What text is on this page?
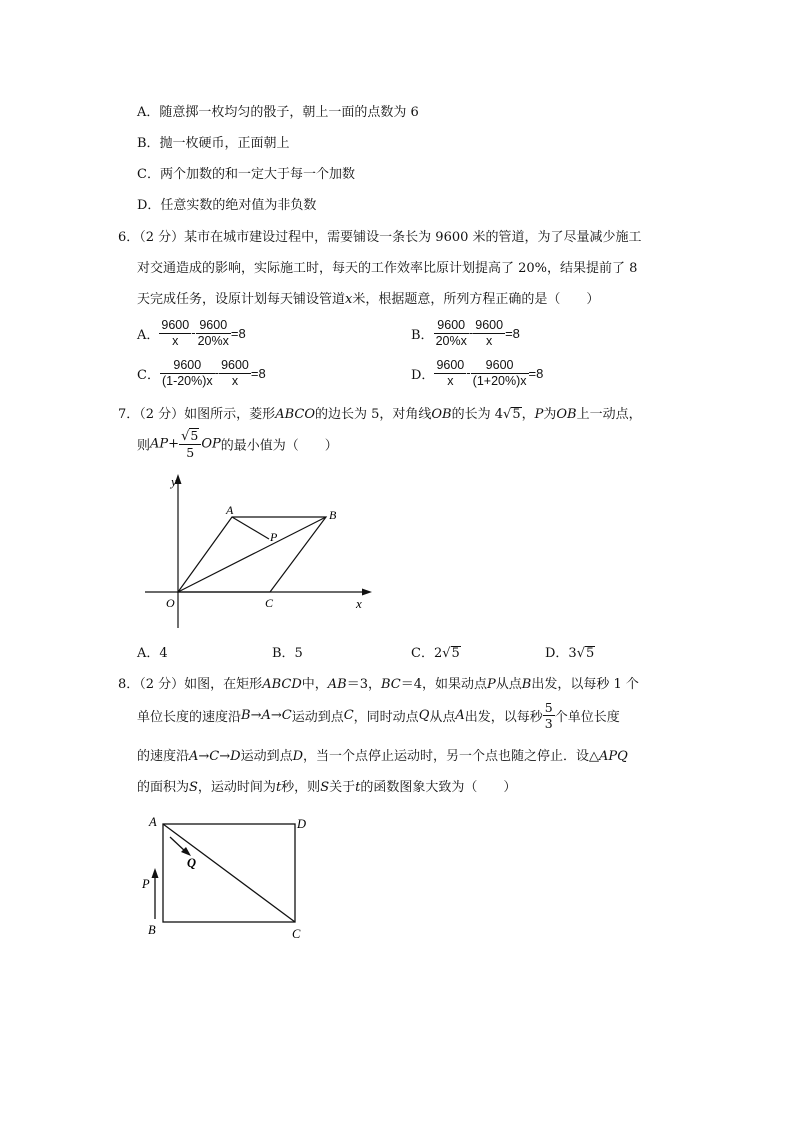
A．随意掷一枚均匀的骰子，朝上一面的点数为 6
B．抛一枚硬币，正面朝上
C．两个加数的和一定大于每一个加数
D．任意实数的绝对值为非负数
6．（2 分）某市在城市建设过程中，需要铺设一条长为 9600 米的管道，为了尽量减少施工
对交通造成的影响，实际施工时，每天的工作效率比原计划提高了 20%，结果提前了 8
天完成任务，设原计划每天铺设管道x米，根据题意，所列方程正确的是（　　）
A． $\frac{9600}{x} - \frac{9600}{20\%x} =8$	B． $\frac{9600}{20\%x} - \frac{9600}{x} =8$
C． $\frac{9600}{(1-20\%)x} - \frac{9600}{x} =8$	D． $\frac{9600}{x} - \frac{9600}{(1+20\%)x} =8$
7．（2 分）如图所示，菱形ABCO的边长为 5，对角线OB的长为 4√5，P为OB上一动点，
则$AP+ \frac{√5}{5}$ OP的最小值为（　　）
y
x
A	B
P
O	C
A．4	B．5	C．2√5	D．3√5
8．（2 分）如图，在矩形ABCD中，AB＝3，BC＝4，如果动点P从点B出发，以每秒 1 个
单位长度的速度沿B→A→C运动到点C，同时动点Q从点A出发，以每秒 $\frac{5}{3}$ 个单位长度
的速度沿A→C→D运动到点D，当一个点停止运动时，另一个点也随之停止．设△APQ
的面积为S，运动时间为t秒，则S关于t的函数图象大致为（　　）
A	D
Q
P
B	C
